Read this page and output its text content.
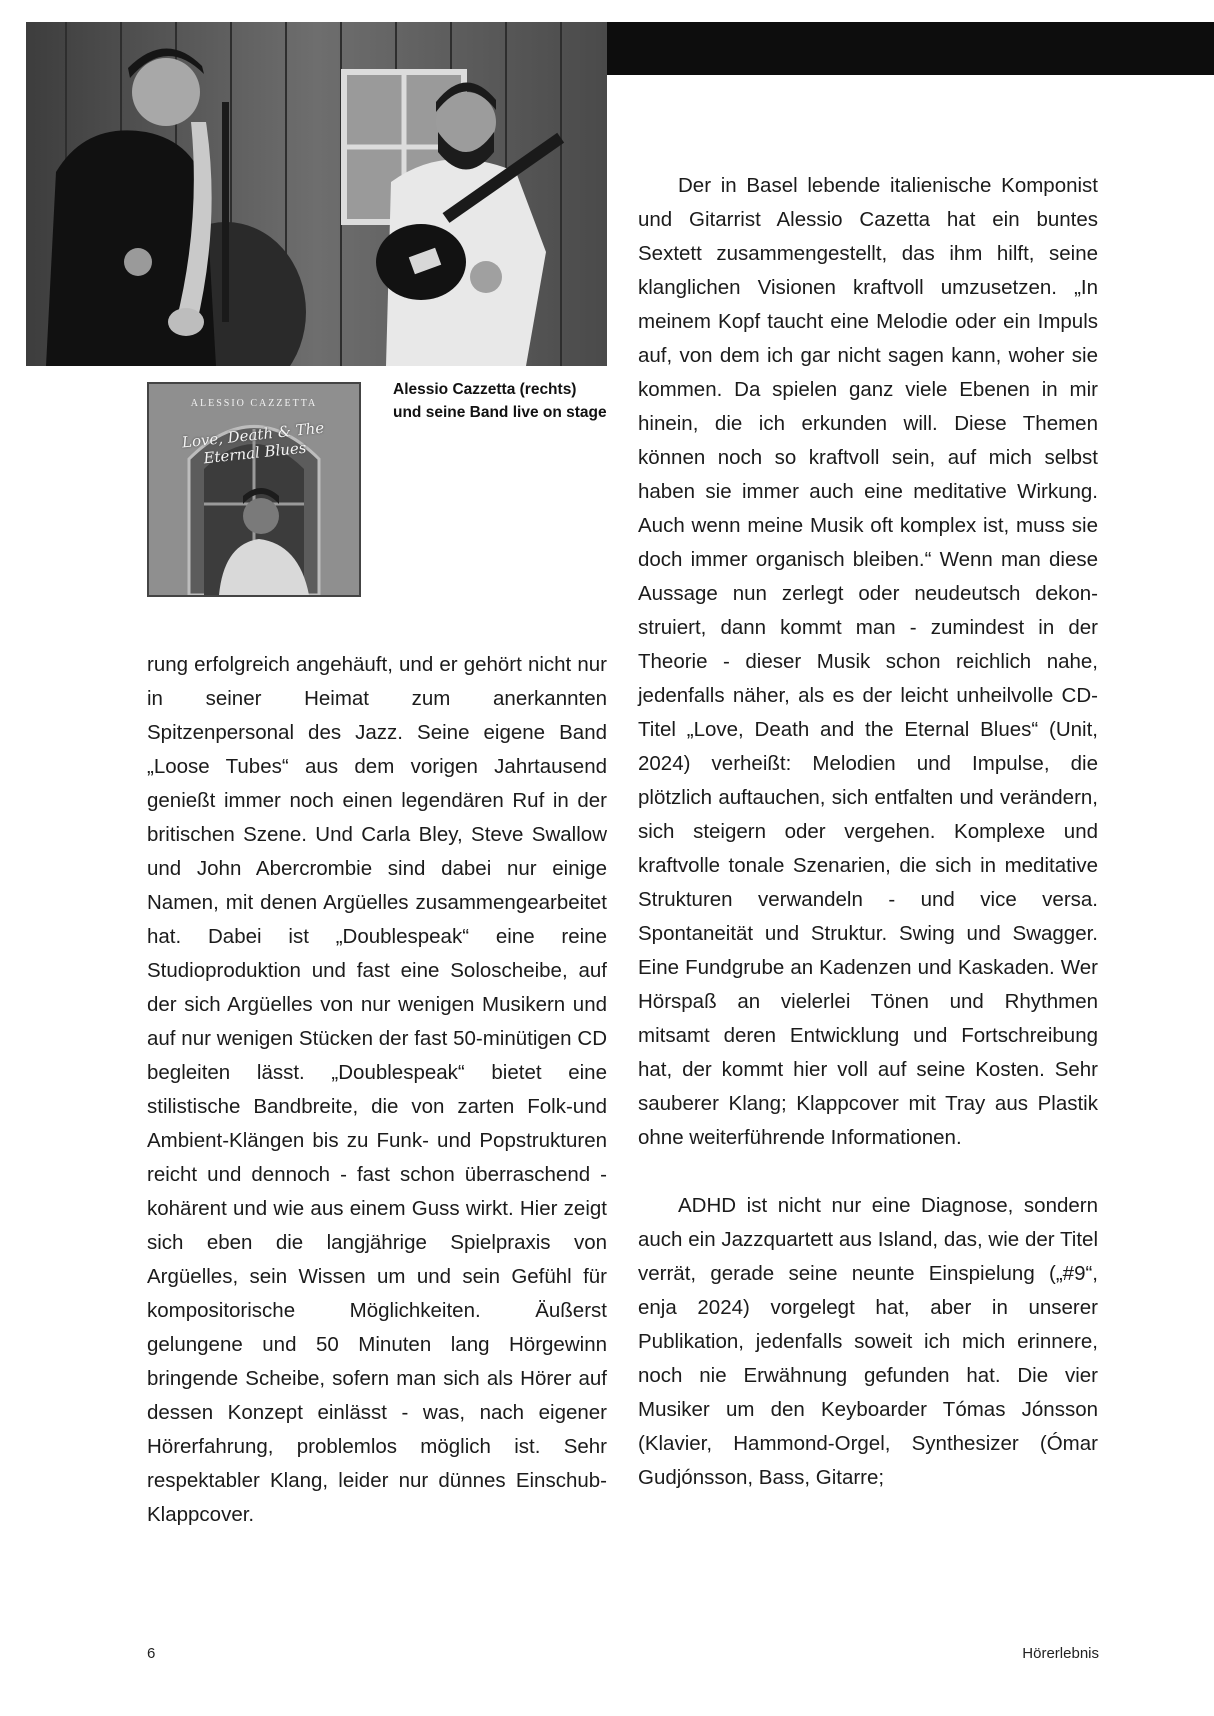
ALESSIO CAZZETTA
Love, Death & The Eternal Blues
Alessio Cazzetta (rechts) und seine Band live on stage

rung erfolgreich angehäuft, und er gehört nicht nur in seiner Heimat zum anerkannten Spitzenpersonal des Jazz. Seine eigene Band „Loose Tubes“ aus dem vorigen Jahrtausend genießt immer noch einen legendären Ruf in der britischen Szene. Und Carla Bley, Steve Swallow und John Abercrombie sind dabei nur einige Namen, mit denen Argüelles zusammengearbeitet hat. Dabei ist „Doublespeak“ eine reine Studioproduktion und fast eine Soloscheibe, auf der sich Argüelles von nur wenigen Musikern und auf nur wenigen Stücken der fast 50-minütigen CD begleiten lässt. „Doublespeak“ bietet eine stilistische Bandbreite, die von zarten Folk-und Ambient-Klängen bis zu Funk- und Popstrukturen reicht und dennoch - fast schon überraschend - kohärent und wie aus einem Guss wirkt. Hier zeigt sich eben die langjährige Spielpraxis von Argüelles, sein Wissen um und sein Gefühl für kompositorische Möglichkeiten. Äußerst gelungene und 50 Minuten lang Hörgewinn bringende Scheibe, sofern man sich als Hörer auf dessen Konzept einlässt - was, nach eigener Hörerfahrung, problemlos möglich ist. Sehr respektabler Klang, leider nur dünnes Einschub-Klappcover.

Der in Basel lebende italienische Komponist und Gitarrist Alessio Cazetta hat ein buntes Sextett zusammengestellt, das ihm hilft, seine klanglichen Visionen kraftvoll umzusetzen. „In meinem Kopf taucht eine Melodie oder ein Impuls auf, von dem ich gar nicht sagen kann, woher sie kommen. Da spielen ganz viele Ebenen in mir hinein, die ich erkunden will. Diese Themen können noch so kraftvoll sein, auf mich selbst haben sie immer auch eine meditative Wirkung. Auch wenn meine Musik oft komplex ist, muss sie doch immer organisch bleiben.“ Wenn man diese Aussage nun zerlegt oder neudeutsch dekonstruiert, dann kommt man - zumindest in der Theorie - dieser Musik schon reichlich nahe, jedenfalls näher, als es der leicht unheilvolle CD-Titel „Love, Death and the Eternal Blues“ (Unit, 2024) verheißt: Melodien und Impulse, die plötzlich auftauchen, sich entfalten und verändern, sich steigern oder vergehen. Komplexe und kraftvolle tonale Szenarien, die sich in meditative Strukturen verwandeln - und vice versa. Spontaneität und Struktur. Swing und Swagger. Eine Fundgrube an Kadenzen und Kaskaden. Wer Hörspaß an vielerlei Tönen und Rhythmen mitsamt deren Entwicklung und Fortschreibung hat, der kommt hier voll auf seine Kosten. Sehr sauberer Klang; Klappcover mit Tray aus Plastik ohne weiterführende Informationen.

ADHD ist nicht nur eine Diagnose, sondern auch ein Jazzquartett aus Island, das, wie der Titel verrät, gerade seine neunte Einspielung („#9“, enja 2024) vorgelegt hat, aber in unserer Publikation, jedenfalls soweit ich mich erinnere, noch nie Erwähnung gefunden hat. Die vier Musiker um den Keyboarder Tómas Jónsson (Klavier, Hammond-Orgel, Synthesizer (Ómar Gudjónsson, Bass, Gitarre;

6	Hörerlebnis
